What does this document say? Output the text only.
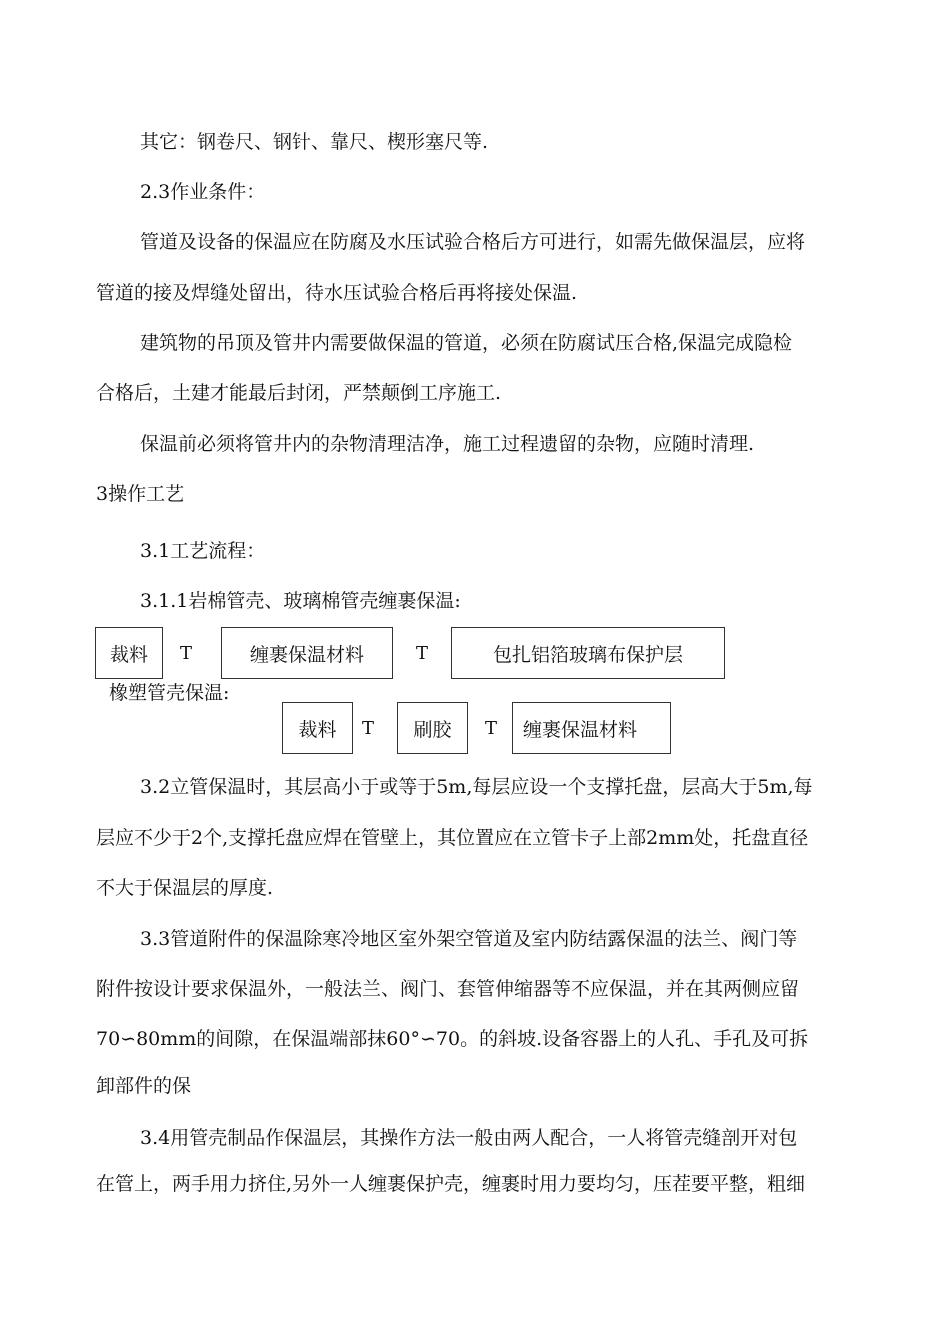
其它：钢卷尺、钢针、靠尺、楔形塞尺等.
2.3作业条件：
管道及设备的保温应在防腐及水压试验合格后方可进行，如需先做保温层，应将
管道的接及焊缝处留出，待水压试验合格后再将接处保温.
建筑物的吊顶及管井内需要做保温的管道，必须在防腐试压合格,保温完成隐检
合格后，土建才能最后封闭，严禁颠倒工序施工.
保温前必须将管井内的杂物清理洁净，施工过程遗留的杂物，应随时清理.
3操作工艺
3.1工艺流程：
3.1.1岩棉管壳、玻璃棉管壳缠裹保温:
裁料	T	缠裹保温材料	T	包扎铝箔玻璃布保护层
橡塑管壳保温:
裁料	T	刷胶	T	缠裹保温材料
3.2立管保温时，其层高小于或等于5m,每层应设一个支撑托盘，层高大于5m,每
层应不少于2个,支撑托盘应焊在管壁上，其位置应在立管卡子上部2mm处，托盘直径
不大于保温层的厚度.
3.3管道附件的保温除寒冷地区室外架空管道及室内防结露保温的法兰、阀门等
附件按设计要求保温外，一般法兰、阀门、套管伸缩器等不应保温，并在其两侧应留
70∽80mm的间隙，在保温端部抹60°∽70。的斜坡.设备容器上的人孔、手孔及可拆
卸部件的保
3.4用管壳制品作保温层，其操作方法一般由两人配合，一人将管壳缝剖开对包
在管上，两手用力挤住,另外一人缠裹保护壳，缠裹时用力要均匀，压茬要平整，粗细
